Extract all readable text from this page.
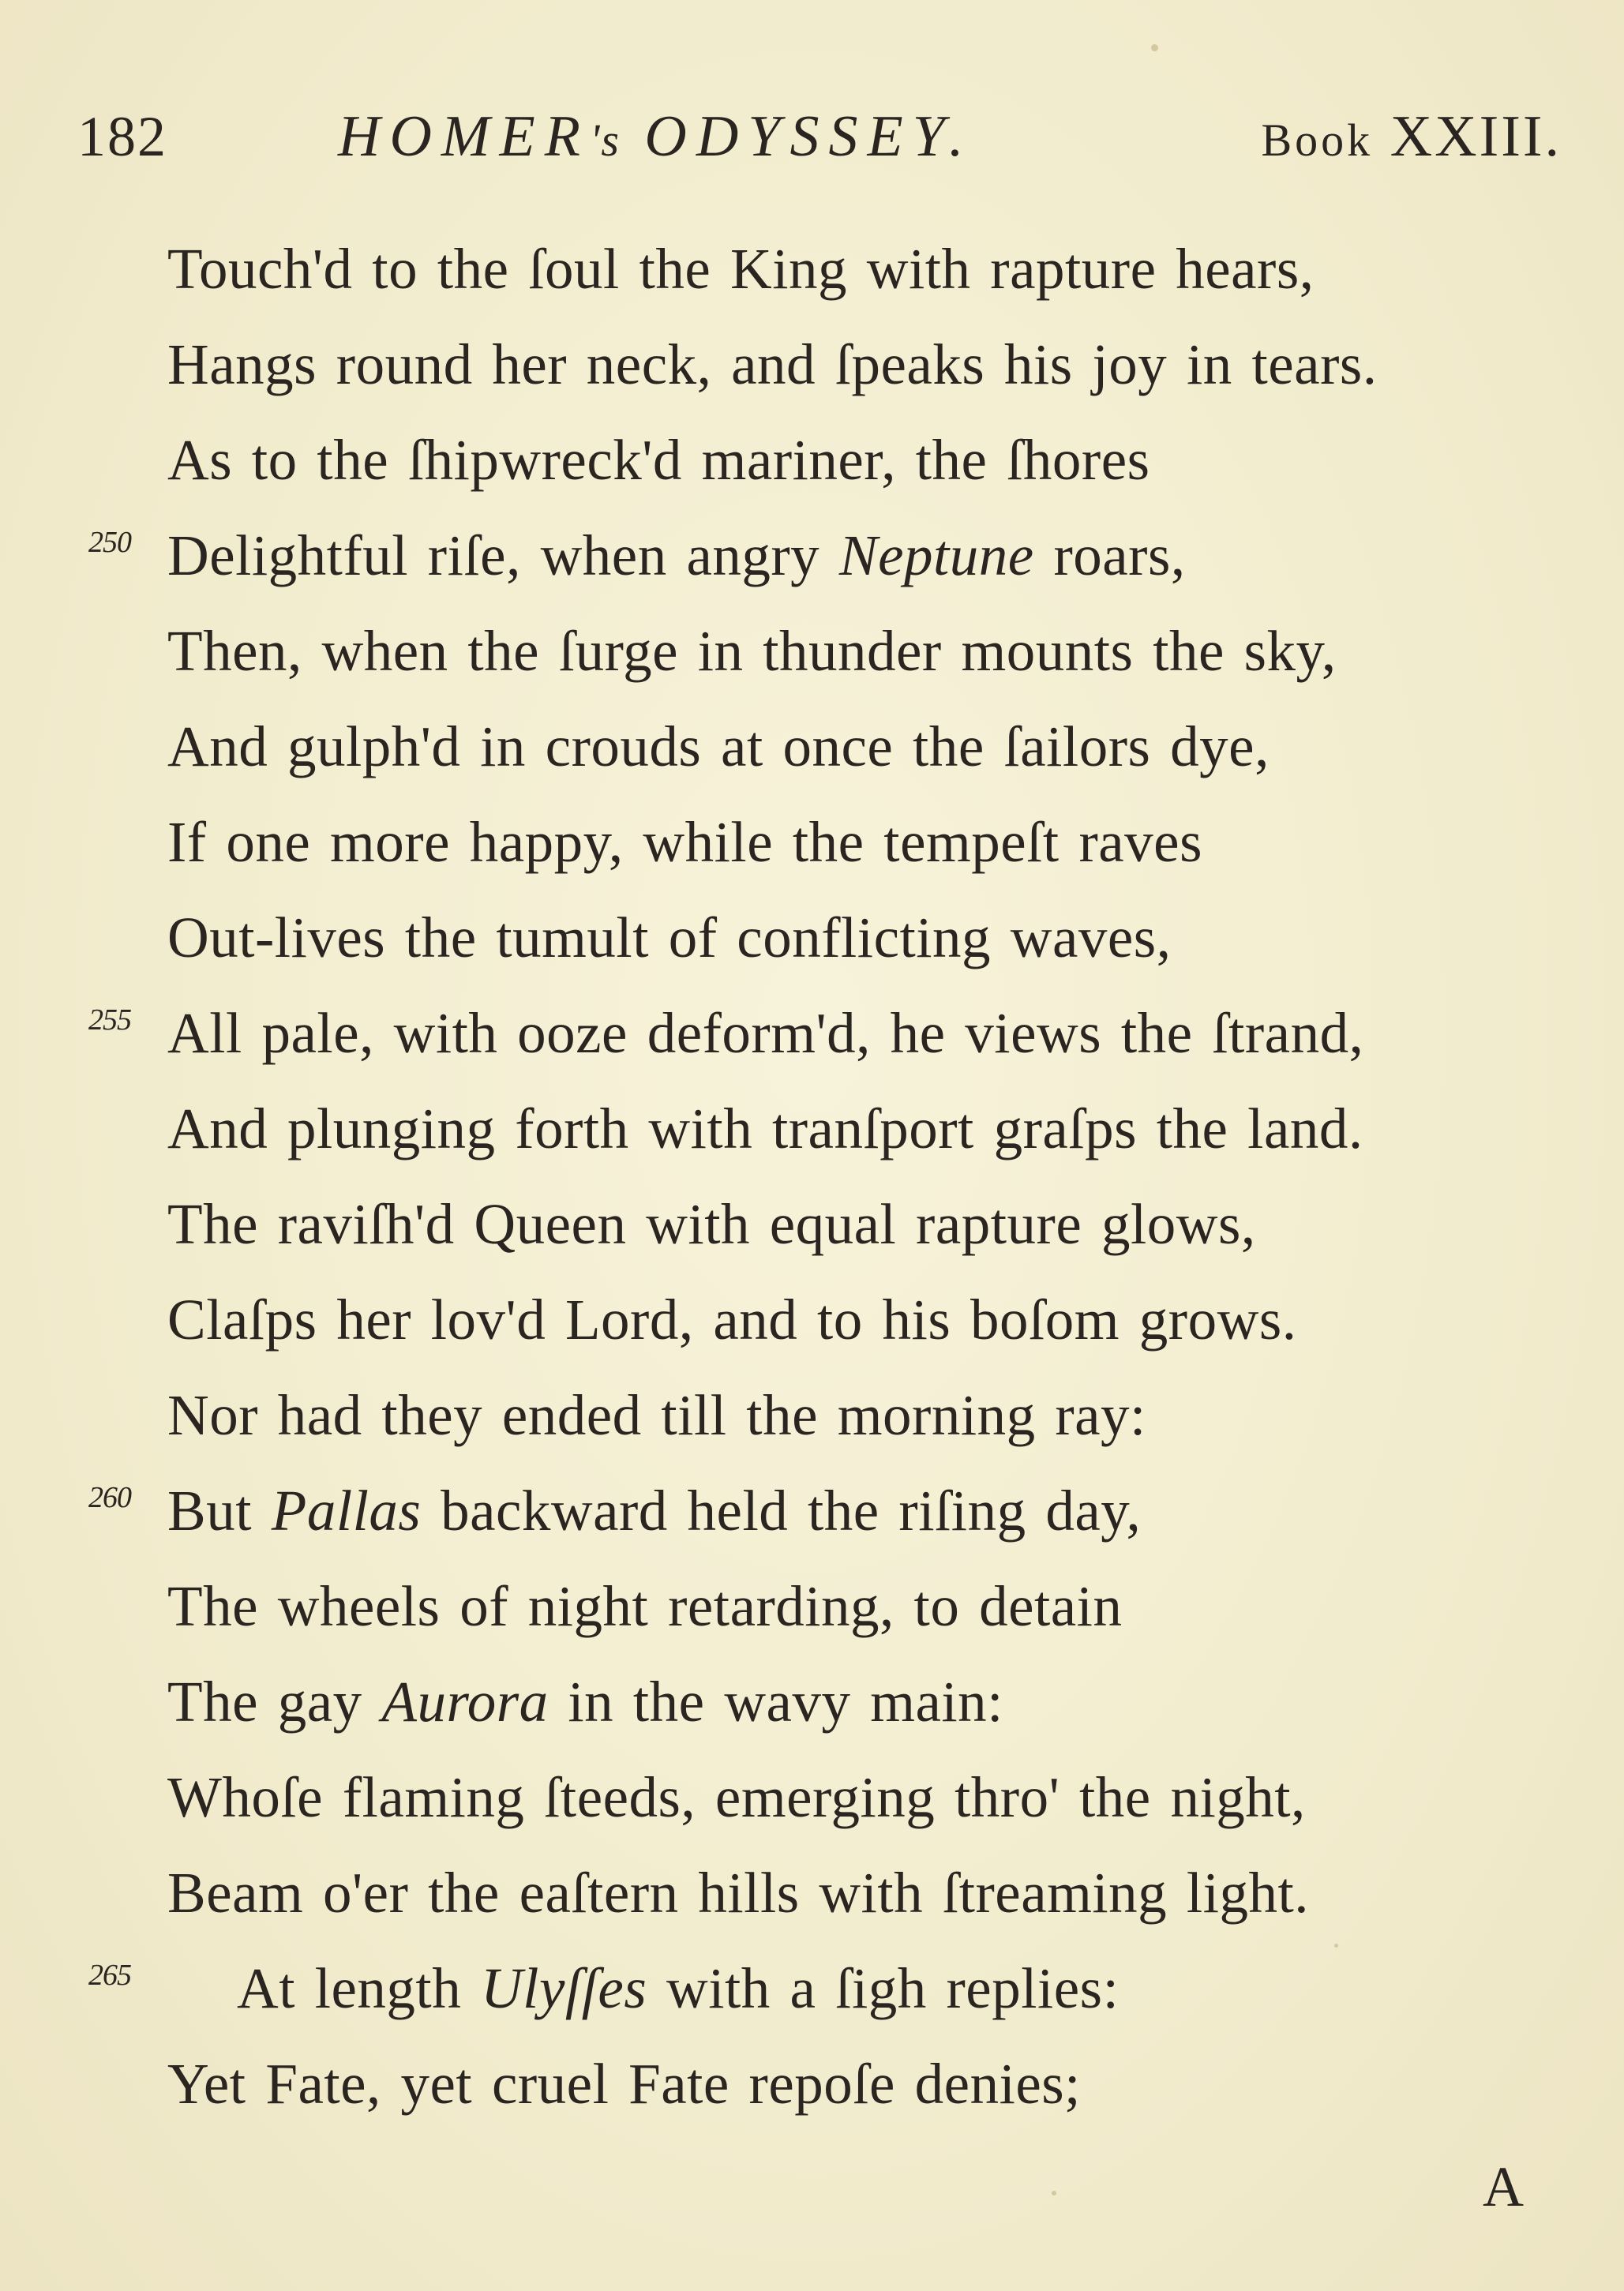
182	HOMER's ODYSSEY.	Book XXIII.
Touch'd to the ſoul the King with rapture hears,
Hangs round her neck, and ſpeaks his joy in tears.
As to the ſhipwreck'd mariner, the ſhores
250 Delightful riſe, when angry Neptune roars,
Then, when the ſurge in thunder mounts the sky,
And gulph'd in crouds at once the ſailors dye,
If one more happy, while the tempeſt raves
Out-lives the tumult of conflicting waves,
255 All pale, with ooze deform'd, he views the ſtrand,
And plunging forth with tranſport graſps the land.
The raviſh'd Queen with equal rapture glows,
Claſps her lov'd Lord, and to his boſom grows.
Nor had they ended till the morning ray:
260 But Pallas backward held the riſing day,
The wheels of night retarding, to detain
The gay Aurora in the wavy main:
Whoſe flaming ſteeds, emerging thro' the night,
Beam o'er the eaſtern hills with ſtreaming light.
265 At length Ulyſſes with a ſigh replies:
Yet Fate, yet cruel Fate repoſe denies;
A
